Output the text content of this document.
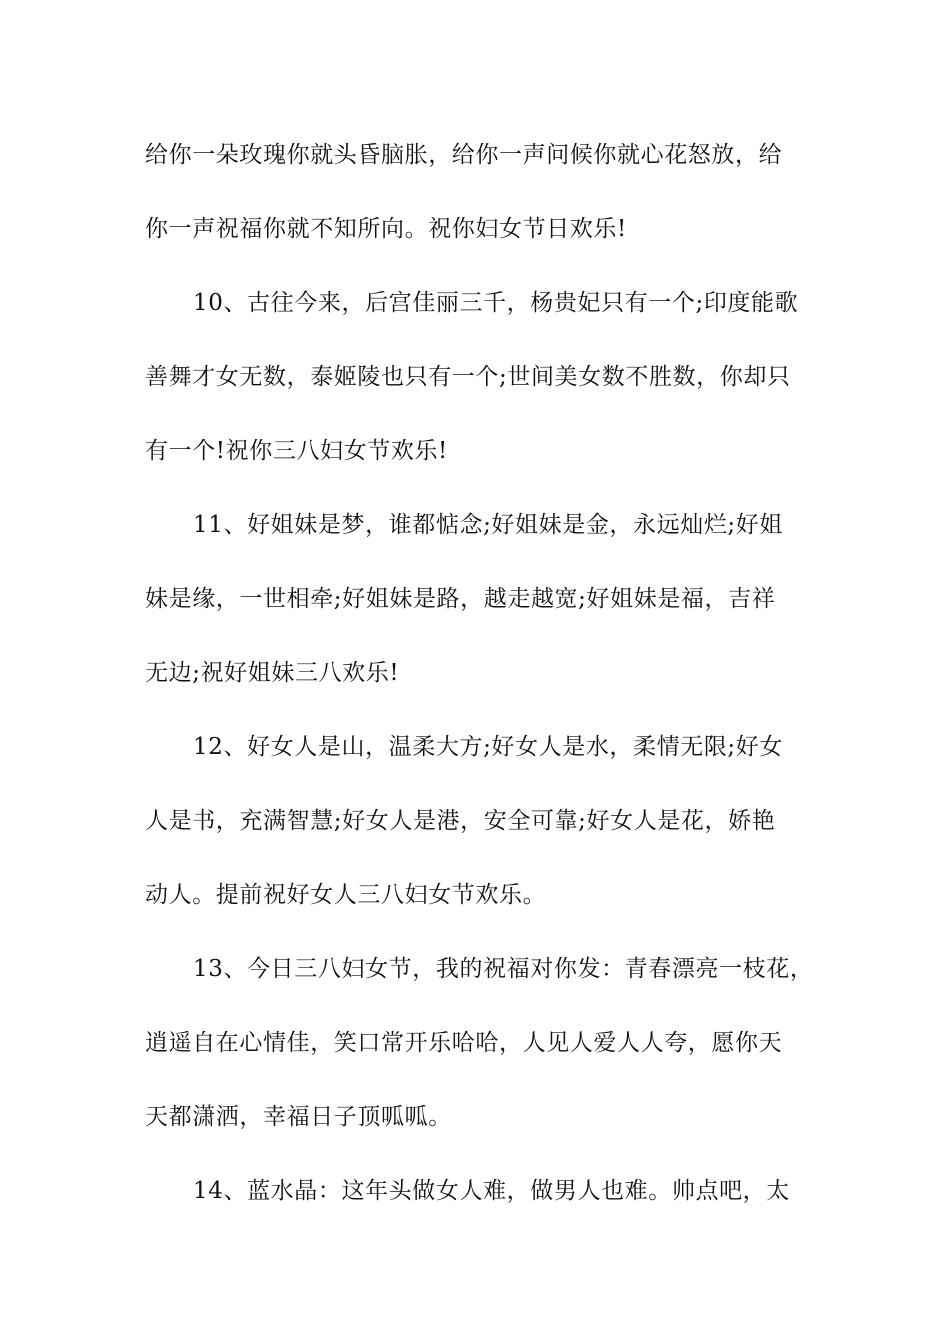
给你一朵玫瑰你就头昏脑胀，给你一声问候你就心花怒放，给
你一声祝福你就不知所向。祝你妇女节日欢乐!
10、古往今来，后宫佳丽三千，杨贵妃只有一个;印度能歌
善舞才女无数，泰姬陵也只有一个;世间美女数不胜数，你却只
有一个!祝你三八妇女节欢乐!
11、好姐妹是梦，谁都惦念;好姐妹是金，永远灿烂;好姐
妹是缘，一世相牵;好姐妹是路，越走越宽;好姐妹是福，吉祥
无边;祝好姐妹三八欢乐!
12、好女人是山，温柔大方;好女人是水，柔情无限;好女
人是书，充满智慧;好女人是港，安全可靠;好女人是花，娇艳
动人。提前祝好女人三八妇女节欢乐。
13、今日三八妇女节，我的祝福对你发：青春漂亮一枝花，
逍遥自在心情佳，笑口常开乐哈哈，人见人爱人人夸，愿你天
天都潇洒，幸福日子顶呱呱。
14、蓝水晶：这年头做女人难，做男人也难。帅点吧，太
